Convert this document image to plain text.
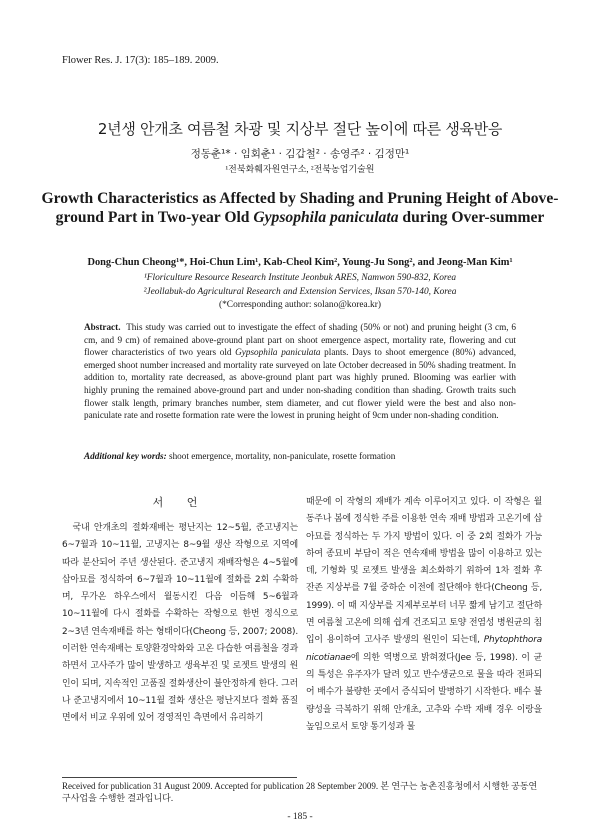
Flower Res. J. 17(3): 185–189. 2009.
2년생 안개초 여름철 차광 및 지상부 절단 높이에 따른 생육반응
정동춘¹* · 임회춘¹ · 김갑철² · 송영주² · 김정만¹
¹전북화훼자원연구소, ²전북농업기술원
Growth Characteristics as Affected by Shading and Pruning Height of Above-ground Part in Two-year Old Gypsophila paniculata during Over-summer
Dong-Chun Cheong¹*, Hoi-Chun Lim¹, Kab-Cheol Kim², Young-Ju Song², and Jeong-Man Kim¹
¹Floriculture Resource Research Institute Jeonbuk ARES, Namwon 590-832, Korea
²Jeollabuk-do Agricultural Research and Extension Services, Iksan 570-140, Korea
(*Corresponding author: solano@korea.kr)
Abstract. This study was carried out to investigate the effect of shading (50% or not) and pruning height (3 cm, 6 cm, and 9 cm) of remained above-ground plant part on shoot emergence aspect, mortality rate, flowering and cut flower characteristics of two years old Gypsophila paniculata plants. Days to shoot emergence (80%) advanced, emerged shoot number increased and mortality rate surveyed on late October decreased in 50% shading treatment. In addition to, mortality rate decreased, as above-ground plant part was highly pruned. Blooming was earlier with highly pruning the remained above-ground part and under non-shading condition than shading. Growth traits such flower stalk length, primary branches number, stem diameter, and cut flower yield were the best and also non-paniculate rate and rosette formation rate were the lowest in pruning height of 9cm under non-shading condition.
Additional key words: shoot emergence, mortality, non-paniculate, rosette formation
서 언
국내 안개초의 절화재배는 평난지는 12~5월, 준고냉지는 6~7월과 10~11월, 고냉지는 8~9월 생산 작형으로 지역에 따라 분산되어 주년 생산된다. 준고냉지 재배작형은 4~5월에 삽아묘를 정식하여 6~7월과 10~11월에 절화를 2회 수확하며, 무가온 하우스에서 월동시킨 다음 이듬해 5~6월과 10~11월에 다시 절화를 수확하는 작형으로 한번 정식으로 2~3년 연속재배를 하는 형태이다(Cheong 등, 2007; 2008). 이러한 연속재배는 토양환경악화와 고온 다습한 여름철을 경과하면서 고사주가 많이 발생하고 생육부진 및 로젯트 발생의 원인이 되며, 지속적인 고품질 절화생산이 불안정하게 한다. 그러나 준고냉지에서 10~11월 절화 생산은 평난지보다 절화 품질면에서 비교 우위에 있어 경영적인 측면에서 유리하기
때문에 이 작형의 재배가 계속 이루어지고 있다. 이 작형은 월동주나 봄에 정식한 주를 이용한 연속 재배 방법과 고온기에 삽아묘를 정식하는 두 가지 방법이 있다. 이 중 2회 절화가 가능하여 종묘비 부담이 적은 연속재배 방법을 많이 이용하고 있는데, 기형화 및 로젯트 발생을 최소화하기 위하여 1차 절화 후 잔존 지상부를 7월 중하순 이전에 절단해야 한다(Cheong 등, 1999). 이 때 지상부를 지제부로부터 너무 짧게 남기고 절단하면 여름철 고온에 의해 쉽게 건조되고 토양 전염성 병원균의 침입이 용이하여 고사주 발생의 원인이 되는데, Phytophthora nicotianae에 의한 역병으로 밝혀졌다(Jee 등, 1998). 이 균의 특성은 유주자가 달려 있고 반수생균으로 물을 따라 전파되어 배수가 불량한 곳에서 증식되어 발병하기 시작한다. 배수 불량성을 극복하기 위해 안개초, 고추와 수박 재배 경우 이랑을 높임으로서 토양 통기성과 물
Received for publication 31 August 2009. Accepted for publication 28 September 2009. 본 연구는 농촌진흥청에서 시행한 공동연구사업을 수행한 결과입니다.
- 185 -
